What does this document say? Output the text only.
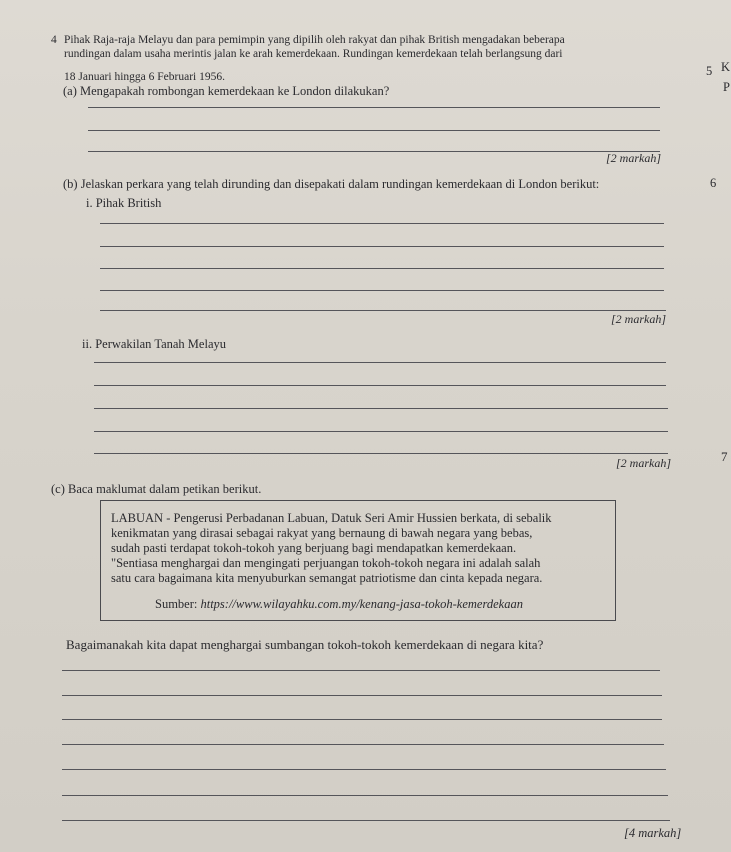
4 Pihak Raja-raja Melayu dan para pemimpin yang dipilih oleh rakyat dan pihak British mengadakan beberapa
rundingan dalam usaha merintis jalan ke arah kemerdekaan. Rundingan kemerdekaan telah berlangsung dari
18 Januari hingga 6 Februari 1956.	5 K
P
6
7
(a) Mengapakah rombongan kemerdekaan ke London dilakukan?
[2 markah]
(b) Jelaskan perkara yang telah dirunding dan disepakati dalam rundingan kemerdekaan di London berikut:
i. Pihak British
[2 markah]
ii. Perwakilan Tanah Melayu
[2 markah]
(c) Baca maklumat dalam petikan berikut.
LABUAN - Pengerusi Perbadanan Labuan, Datuk Seri Amir Hussien berkata, di sebalik
kenikmatan yang dirasai sebagai rakyat yang bernaung di bawah negara yang bebas,
sudah pasti terdapat tokoh-tokoh yang berjuang bagi mendapatkan kemerdekaan.
"Sentiasa menghargai dan mengingati perjuangan tokoh-tokoh negara ini adalah salah
satu cara bagaimana kita menyuburkan semangat patriotisme dan cinta kepada negara.
Sumber: https://www.wilayahku.com.my/kenang-jasa-tokoh-kemerdekaan
Bagaimanakah kita dapat menghargai sumbangan tokoh-tokoh kemerdekaan di negara kita?
[4 markah]
